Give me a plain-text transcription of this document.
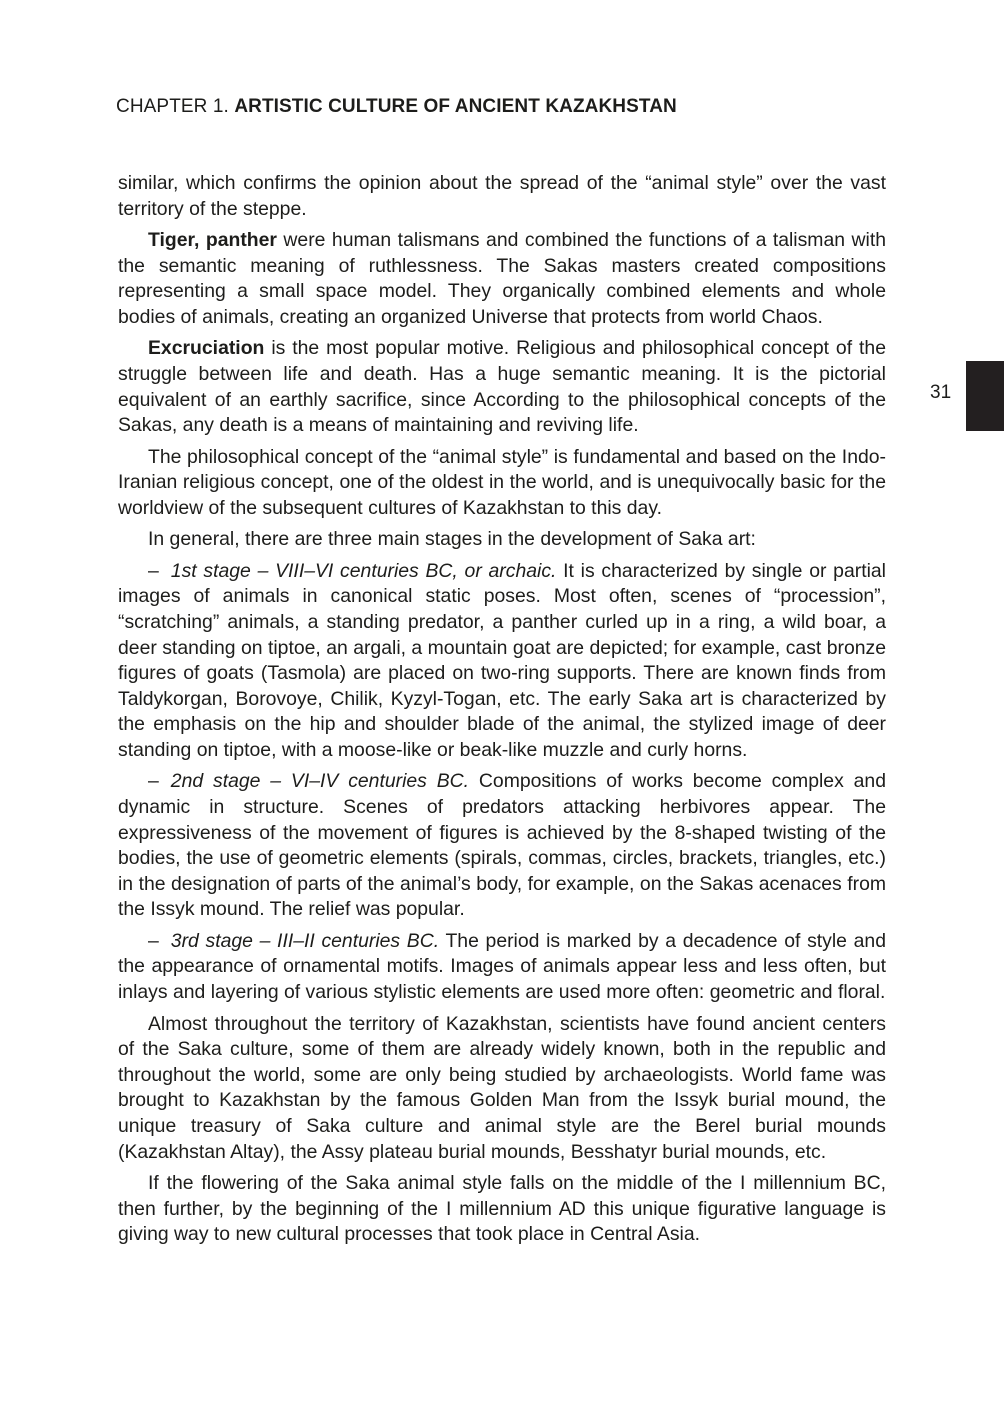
CHAPTER 1. ARTISTIC CULTURE OF ANCIENT KAZAKHSTAN
31

similar, which confirms the opinion about the spread of the “animal style” over the vast territory of the steppe.

Tiger, panther were human talismans and combined the functions of a talisman with the semantic meaning of ruthlessness. The Sakas masters created compositions representing a small space model. They organically combined elements and whole bodies of animals, creating an organized Universe that protects from world Chaos.

Excruciation is the most popular motive. Religious and philosophical concept of the struggle between life and death. Has a huge semantic meaning. It is the pictorial equivalent of an earthly sacrifice, since According to the philosophical concepts of the Sakas, any death is a means of maintaining and reviving life.

The philosophical concept of the “animal style” is fundamental and based on the Indo-Iranian religious concept, one of the oldest in the world, and is unequivocally basic for the worldview of the subsequent cultures of Kazakhstan to this day.

In general, there are three main stages in the development of Saka art:

– 1st stage – VIII–VI centuries BC, or archaic. It is characterized by single or partial images of animals in canonical static poses. Most often, scenes of “procession”, “scratching” animals, a standing predator, a panther curled up in a ring, a wild boar, a deer standing on tiptoe, an argali, a mountain goat are depicted; for example, cast bronze figures of goats (Tasmola) are placed on two-ring supports. There are known finds from Taldykorgan, Borovoye, Chilik, Kyzyl-Togan, etc. The early Saka art is characterized by the emphasis on the hip and shoulder blade of the animal, the stylized image of deer standing on tiptoe, with a moose-like or beak-like muzzle and curly horns.

– 2nd stage – VI–IV centuries BC. Compositions of works become complex and dynamic in structure. Scenes of predators attacking herbivores appear. The expressiveness of the movement of figures is achieved by the 8-shaped twisting of the bodies, the use of geometric elements (spirals, commas, circles, brackets, triangles, etc.) in the designation of parts of the animal’s body, for example, on the Sakas acenaces from the Issyk mound. The relief was popular.

– 3rd stage – III–II centuries BC. The period is marked by a decadence of style and the appearance of ornamental motifs. Images of animals appear less and less often, but inlays and layering of various stylistic elements are used more often: geometric and floral.

Almost throughout the territory of Kazakhstan, scientists have found ancient centers of the Saka culture, some of them are already widely known, both in the republic and throughout the world, some are only being studied by archaeologists. World fame was brought to Kazakhstan by the famous Golden Man from the Issyk burial mound, the unique treasury of Saka culture and animal style are the Berel burial mounds (Kazakhstan Altay), the Assy plateau burial mounds, Besshatyr burial mounds, etc.

If the flowering of the Saka animal style falls on the middle of the I millennium BC, then further, by the beginning of the I millennium AD this unique figurative language is giving way to new cultural processes that took place in Central Asia.
